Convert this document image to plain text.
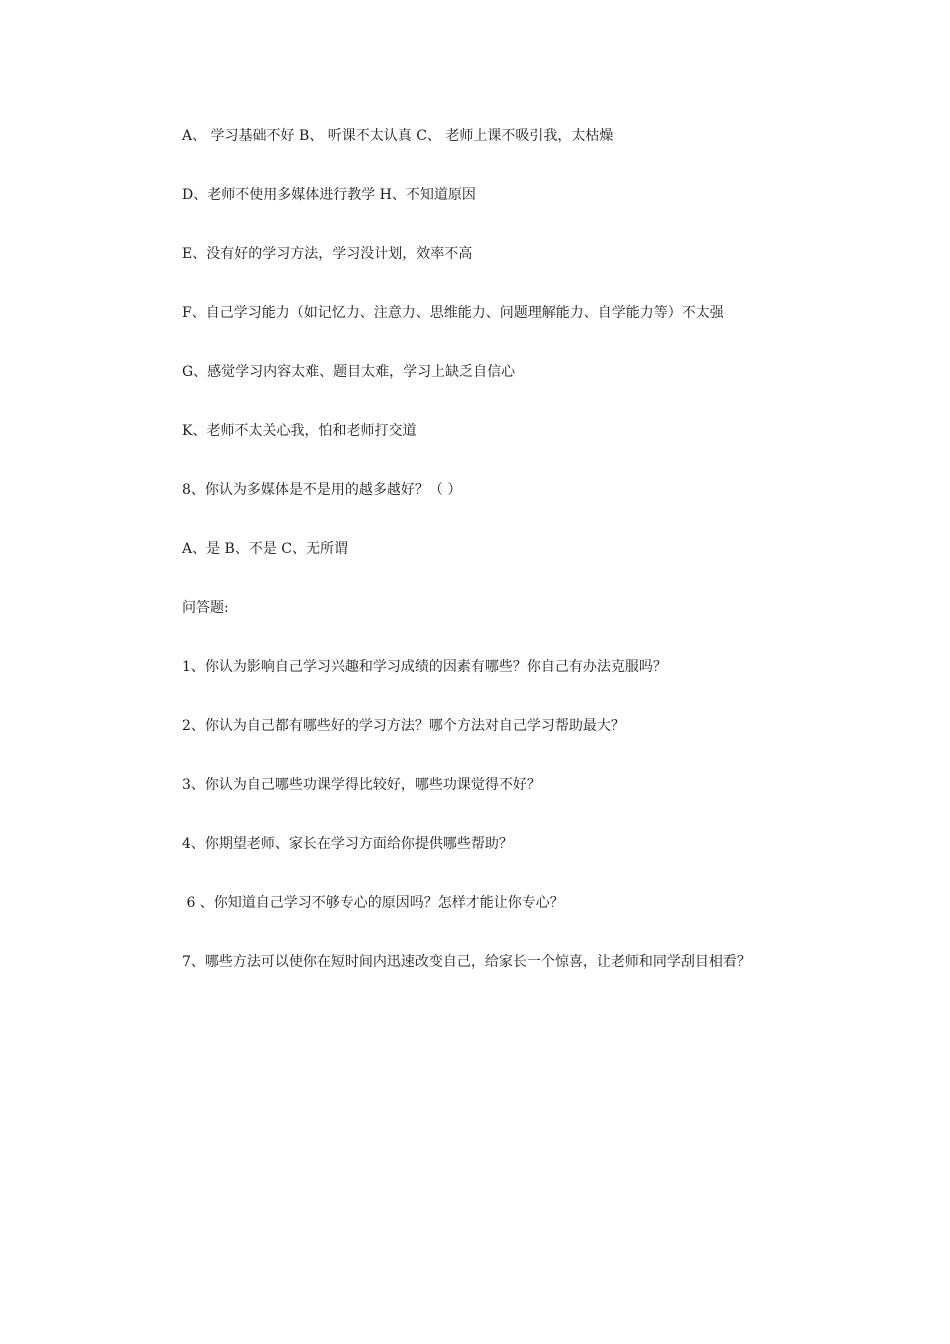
A、 学习基础不好 B、 听课不太认真 C、 老师上课不吸引我，太枯燥
D、老师不使用多媒体进行教学 H、不知道原因
E、没有好的学习方法，学习没计划，效率不高
F、自己学习能力（如记忆力、注意力、思维能力、问题理解能力、自学能力等）不太强
G、感觉学习内容太难、题目太难，学习上缺乏自信心
K、老师不太关心我，怕和老师打交道
8、你认为多媒体是不是用的越多越好？（ ）
A、是 B、不是 C、无所谓
问答题:
1、你认为影响自己学习兴趣和学习成绩的因素有哪些？你自己有办法克服吗？
2、你认为自己都有哪些好的学习方法？哪个方法对自己学习帮助最大？
3、你认为自己哪些功课学得比较好，哪些功课觉得不好？
4、你期望老师、家长在学习方面给你提供哪些帮助？
6 、你知道自己学习不够专心的原因吗？怎样才能让你专心？
7、哪些方法可以使你在短时间内迅速改变自己，给家长一个惊喜，让老师和同学刮目相看？
